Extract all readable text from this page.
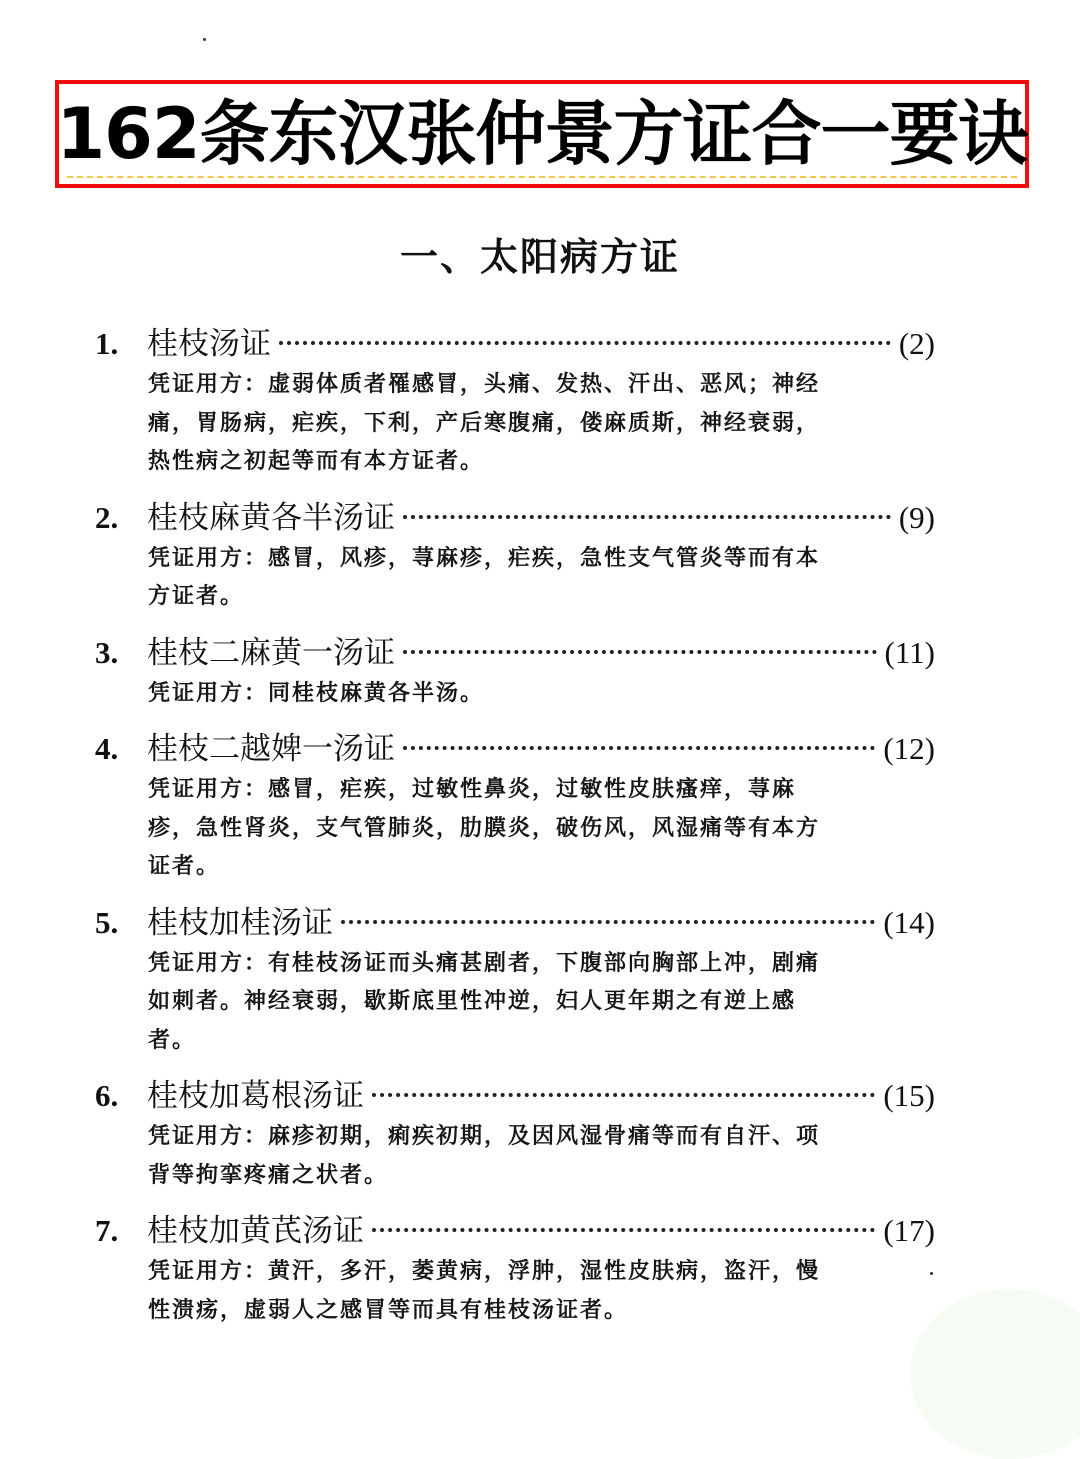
162条东汉张仲景方证合一要诀
一、太阳病方证
1. 桂枝汤证	(2)
凭证用方：虚弱体质者罹感冒，头痛、发热、汗出、恶风；神经痛，胃肠病，疟疾，下利，产后寒腹痛，偻麻质斯，神经衰弱，热性病之初起等而有本方证者。
2. 桂枝麻黄各半汤证	(9)
凭证用方：感冒，风疹，荨麻疹，疟疾，急性支气管炎等而有本方证者。
3. 桂枝二麻黄一汤证	(11)
凭证用方：同桂枝麻黄各半汤。
4. 桂枝二越婢一汤证	(12)
凭证用方：感冒，疟疾，过敏性鼻炎，过敏性皮肤瘙痒，荨麻疹，急性肾炎，支气管肺炎，肋膜炎，破伤风，风湿痛等有本方证者。
5. 桂枝加桂汤证	(14)
凭证用方：有桂枝汤证而头痛甚剧者，下腹部向胸部上冲，剧痛如刺者。神经衰弱，歇斯底里性冲逆，妇人更年期之有逆上感者。
6. 桂枝加葛根汤证	(15)
凭证用方：麻疹初期，痢疾初期，及因风湿骨痛等而有自汗、项背等拘挛疼痛之状者。
7. 桂枝加黄芪汤证	(17)
凭证用方：黄汗，多汗，萎黄病，浮肿，湿性皮肤病，盗汗，慢性溃疡，虚弱人之感冒等而具有桂枝汤证者。
